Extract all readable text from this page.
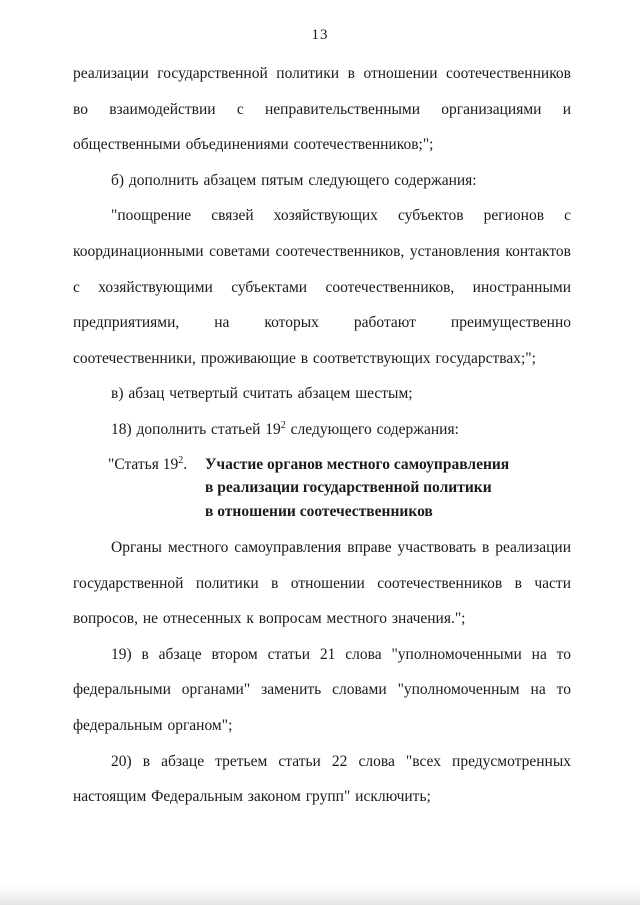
13

реализации государственной политики в отношении соотечественников во взаимодействии с неправительственными организациями и общественными объединениями соотечественников;";

б) дополнить абзацем пятым следующего содержания:

"поощрение связей хозяйствующих субъектов регионов с координационными советами соотечественников, установления контактов с хозяйствующими субъектами соотечественников, иностранными предприятиями, на которых работают преимущественно соотечественники, проживающие в соответствующих государствах;";

в) абзац четвертый считать абзацем шестым;

18) дополнить статьей $19^2$ следующего содержания:

"Статья $19^2$.	Участие органов местного самоуправления
в реализации государственной политики
в отношении соотечественников

Органы местного самоуправления вправе участвовать в реализации государственной политики в отношении соотечественников в части вопросов, не отнесенных к вопросам местного значения.";

19) в абзаце втором статьи 21 слова "уполномоченными на то федеральными органами" заменить словами "уполномоченным на то федеральным органом";

20) в абзаце третьем статьи 22 слова "всех предусмотренных настоящим Федеральным законом групп" исключить;
